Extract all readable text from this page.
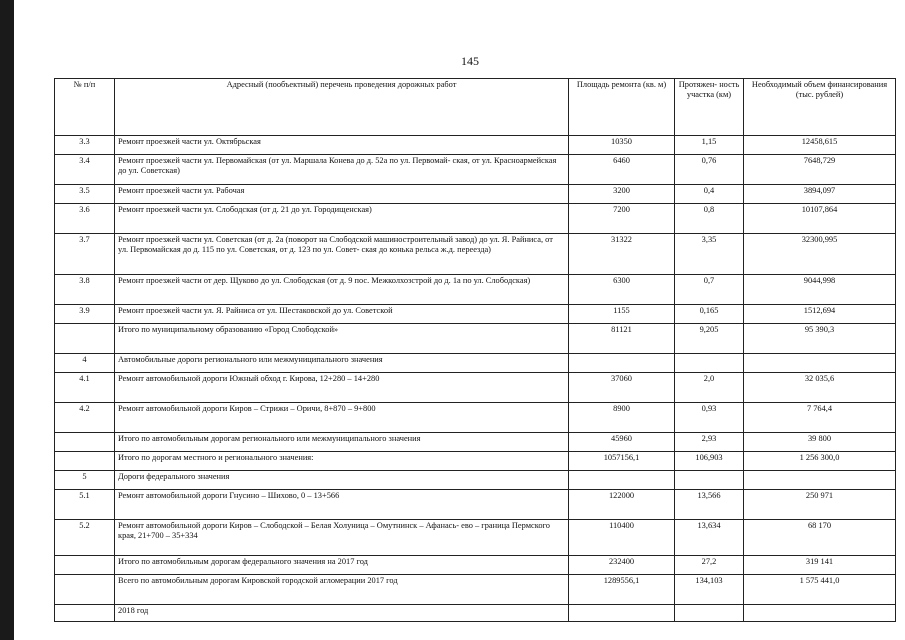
145
№ п/п	Адресный (пообъектный) перечень проведения дорожных работ	Площадь ремонта (кв. м)	Протяжен- ность участка (км)	Необходимый объем финансирования (тыс. рублей)
3.3	Ремонт проезжей части ул. Октябрьская	10350	1,15	12458,615
3.4	Ремонт проезжей части ул. Первомайская (от ул. Маршала Конева до д. 52а по ул. Первомай- ская, от ул. Красноармейская до ул. Советская)	6460	0,76	7648,729
3.5	Ремонт проезжей части ул. Рабочая	3200	0,4	3894,097
3.6	Ремонт проезжей части ул. Слободская (от д. 21 до ул. Городищенская)	7200	0,8	10107,864
3.7	Ремонт проезжей части ул. Советская (от д. 2а (поворот на Слободской машиностроительный завод) до ул. Я. Райниса, от ул. Первомайская до д. 115 по ул. Советская, от д. 123 по ул. Совет- ская до конька рельса ж.д. переезда)	31322	3,35	32300,995
3.8	Ремонт проезжей части от дер. Щуково до ул. Слободская (от д. 9 пос. Межколхозстрой до д. 1а по ул. Слободская)	6300	0,7	9044,998
3.9	Ремонт проезжей части ул. Я. Райниса от ул. Шестаковской до ул. Советской	1155	0,165	1512,694
	Итого по муниципальному образованию «Город Слободской»	81121	9,205	95 390,3
4	Автомобильные дороги регионального или межмуниципального значения			
4.1	Ремонт автомобильной дороги Южный обход г. Кирова, 12+280 – 14+280	37060	2,0	32 035,6
4.2	Ремонт автомобильной дороги Киров – Стрижи – Оричи, 8+870 – 9+800	8900	0,93	7 764,4
	Итого по автомобильным дорогам регионального или межмуниципального значения	45960	2,93	39 800
	Итого по дорогам местного и регионального значения:	1057156,1	106,903	1 256 300,0
5	Дороги федерального значения			
5.1	Ремонт автомобильной дороги Гнусино – Шихово, 0 – 13+566	122000	13,566	250 971
5.2	Ремонт автомобильной дороги Киров – Слободской – Белая Холуница – Омутнинск – Афанась- ево – граница Пермского края, 21+700 – 35+334	110400	13,634	68 170
	Итого по автомобильным дорогам федерального значения на 2017 год	232400	27,2	319 141
	Всего по автомобильным дорогам Кировской городской агломерации 2017 год	1289556,1	134,103	1 575 441,0
	2018 год			
